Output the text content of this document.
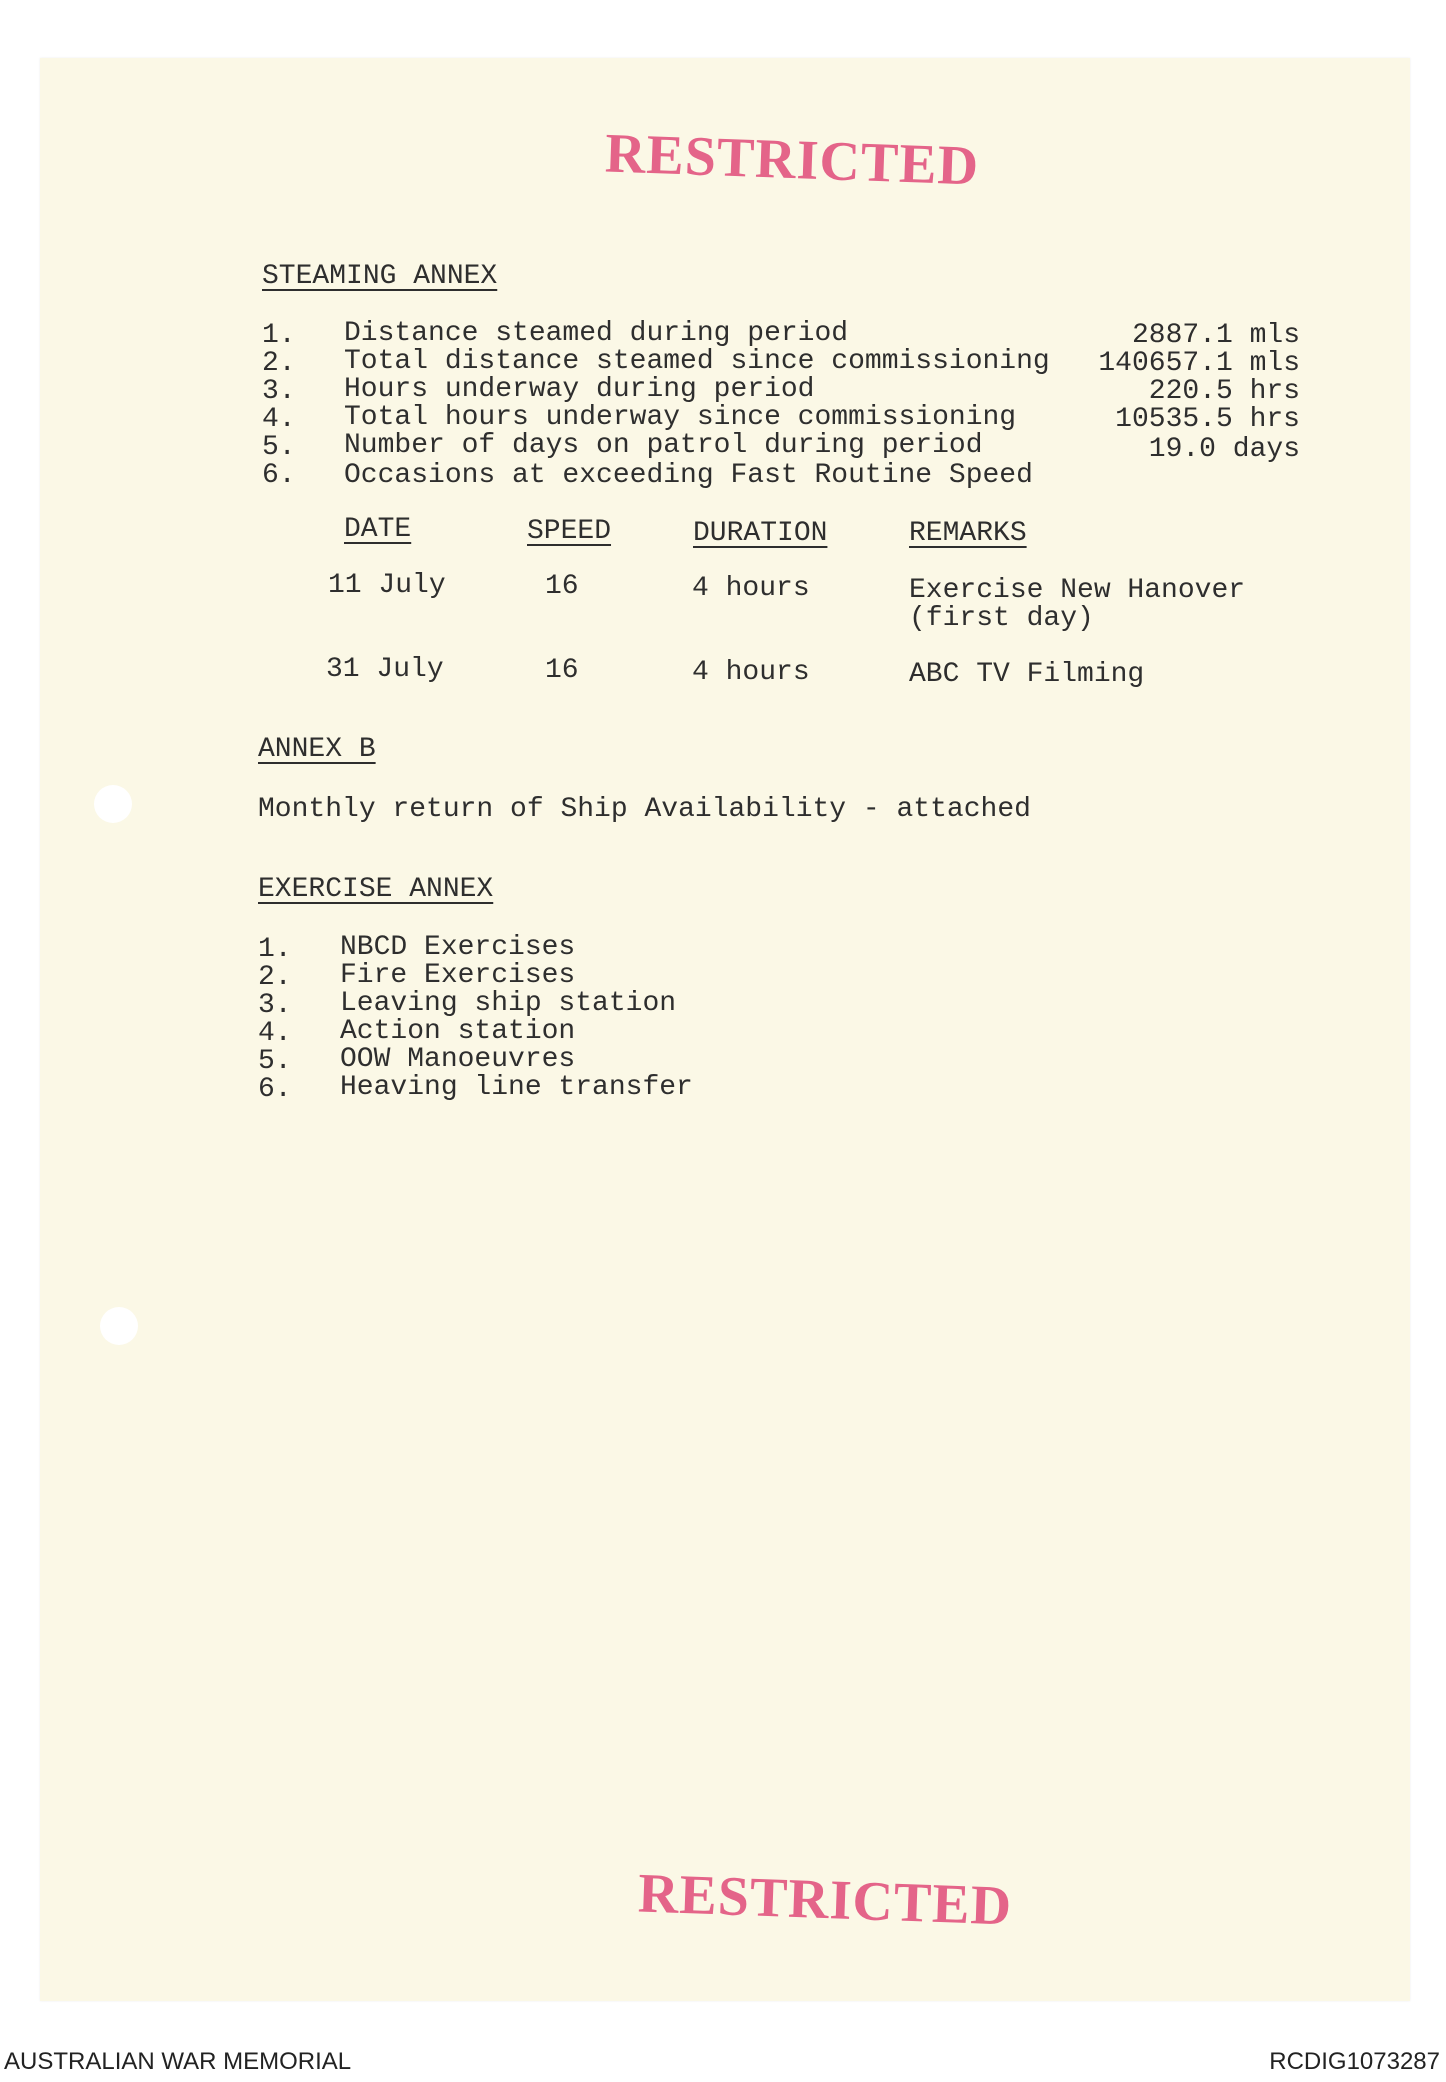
RESTRICTED
STEAMING ANNEX
1.	Distance steamed during period	2887.1 mls
2.	Total distance steamed since commissioning	140657.1 mls
3.	Hours underway during period	220.5 hrs
4.	Total hours underway since commissioning	10535.5 hrs
5.	Number of days on patrol during period	19.0 days
6.	Occasions at exceeding Fast Routine Speed
DATE	SPEED	DURATION	REMARKS
11 July	16	4 hours	Exercise New Hanover
(first day)
31 July	16	4 hours	ABC TV Filming
ANNEX B
Monthly return of Ship Availability - attached
EXERCISE ANNEX
1.	NBCD Exercises
2.	Fire Exercises
3.	Leaving ship station
4.	Action station
5.	OOW Manoeuvres
6.	Heaving line transfer
RESTRICTED
AUSTRALIAN WAR MEMORIAL	RCDIG1073287
